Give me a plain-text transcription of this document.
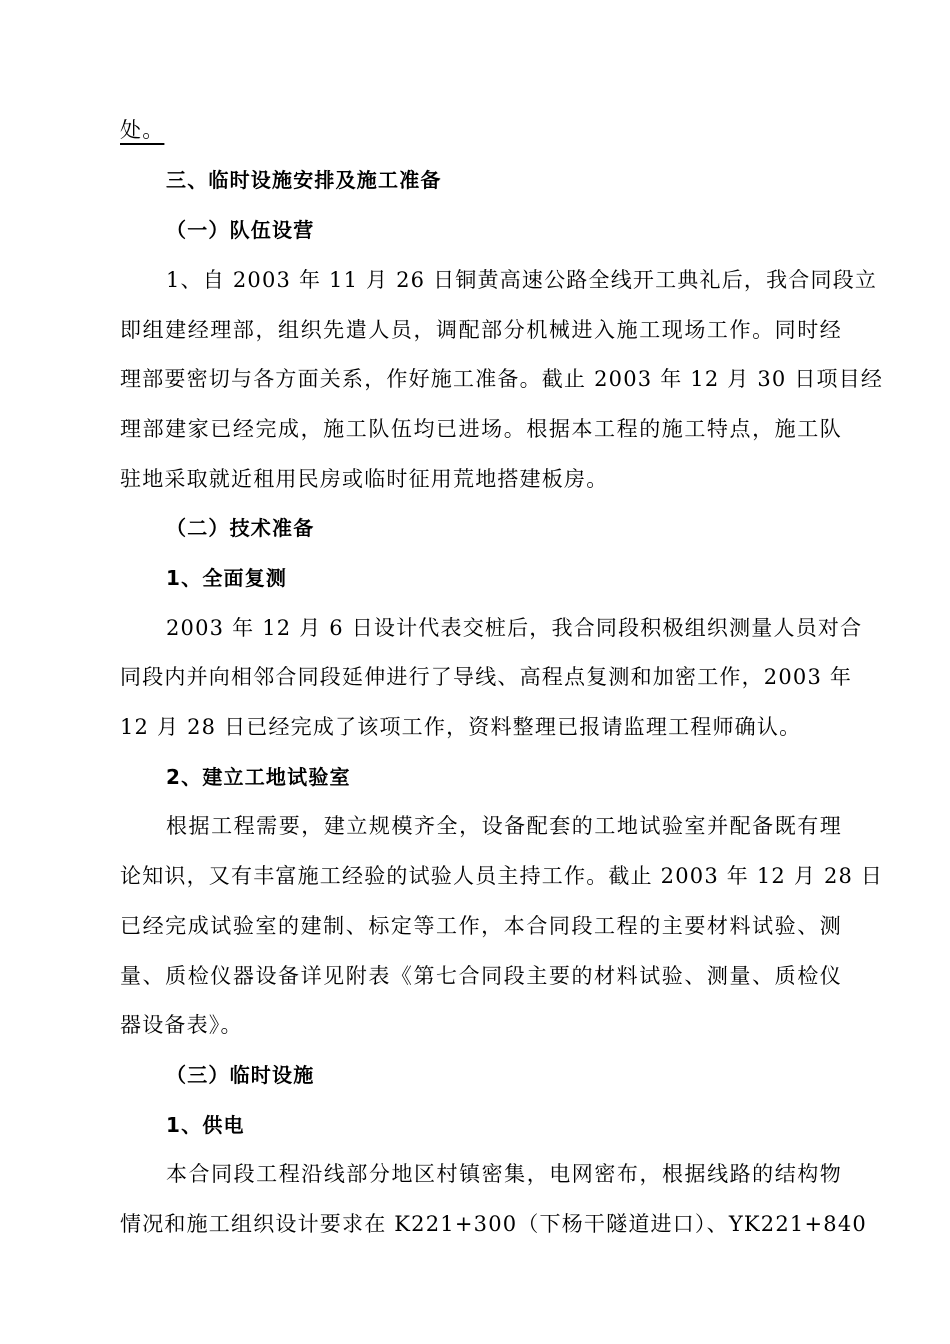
处。
三、临时设施安排及施工准备
（一）队伍设营
1、自 2003 年 11 月 26 日铜黄高速公路全线开工典礼后，我合同段立
即组建经理部，组织先遣人员，调配部分机械进入施工现场工作。同时经
理部要密切与各方面关系，作好施工准备。截止 2003 年 12 月 30 日项目经
理部建家已经完成，施工队伍均已进场。根据本工程的施工特点，施工队
驻地采取就近租用民房或临时征用荒地搭建板房。
（二）技术准备
1、全面复测
2003 年 12 月 6 日设计代表交桩后，我合同段积极组织测量人员对合
同段内并向相邻合同段延伸进行了导线、高程点复测和加密工作，2003 年
12 月 28 日已经完成了该项工作，资料整理已报请监理工程师确认。
2、建立工地试验室
根据工程需要，建立规模齐全，设备配套的工地试验室并配备既有理
论知识，又有丰富施工经验的试验人员主持工作。截止 2003 年 12 月 28 日
已经完成试验室的建制、标定等工作，本合同段工程的主要材料试验、测
量、质检仪器设备详见附表《第七合同段主要的材料试验、测量、质检仪
器设备表》。
（三）临时设施
1、供电
本合同段工程沿线部分地区村镇密集，电网密布，根据线路的结构物
情况和施工组织设计要求在 K221+300（下杨干隧道进口）、YK221+840
